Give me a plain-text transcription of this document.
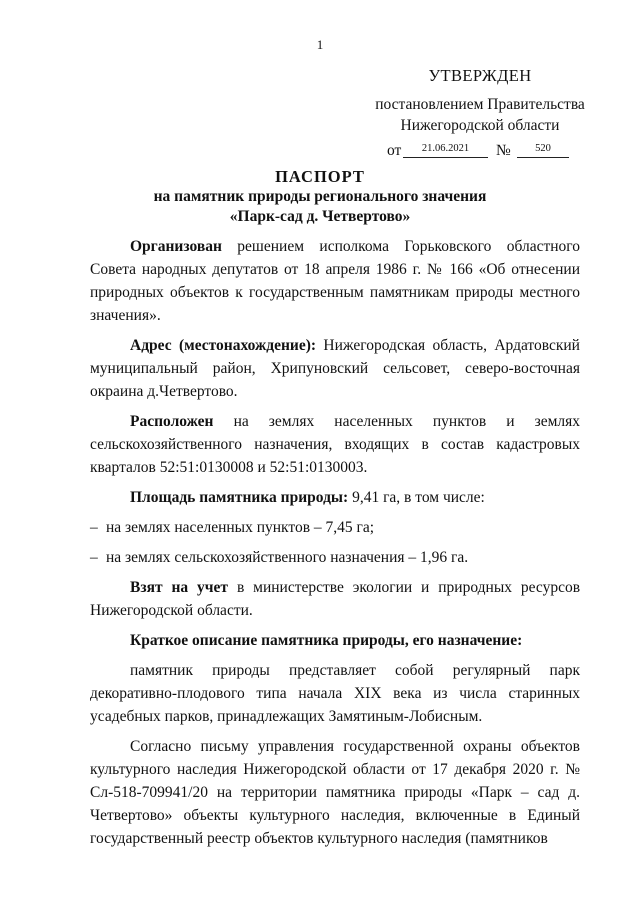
1
УТВЕРЖДЕН
постановлением Правительства
Нижегородской области
от	21.06.2021	№	520
ПАСПОРТ
на памятник природы регионального значения
«Парк-сад д. Четвертово»

Организован решением исполкома Горьковского областного Совета народных депутатов от 18 апреля 1986 г. № 166 «Об отнесении природных объектов к государственным памятникам природы местного значения».

Адрес (местонахождение): Нижегородская область, Ардатовский муниципальный район, Хрипуновский сельсовет, северо-восточная окраина д.Четвертово.

Расположен на землях населенных пунктов и землях сельскохозяйственного назначения, входящих в состав кадастровых кварталов 52:51:0130008 и 52:51:0130003.

Площадь памятника природы: 9,41 га, в том числе:

– на землях населенных пунктов – 7,45 га;
– на землях сельскохозяйственного назначения – 1,96 га.

Взят на учет в министерстве экологии и природных ресурсов Нижегородской области.

Краткое описание памятника природы, его назначение:

памятник природы представляет собой регулярный парк
декоративно-плодового типа начала XIX века из числа старинных усадебных парков, принадлежащих Замятиным-Лобисным.

Согласно письму управления государственной охраны объектов культурного наследия Нижегородской области от 17 декабря 2020 г. № Сл-518-709941/20 на территории памятника природы «Парк – сад д. Четвертово» объекты культурного наследия, включенные в Единый государственный реестр объектов культурного наследия (памятников
